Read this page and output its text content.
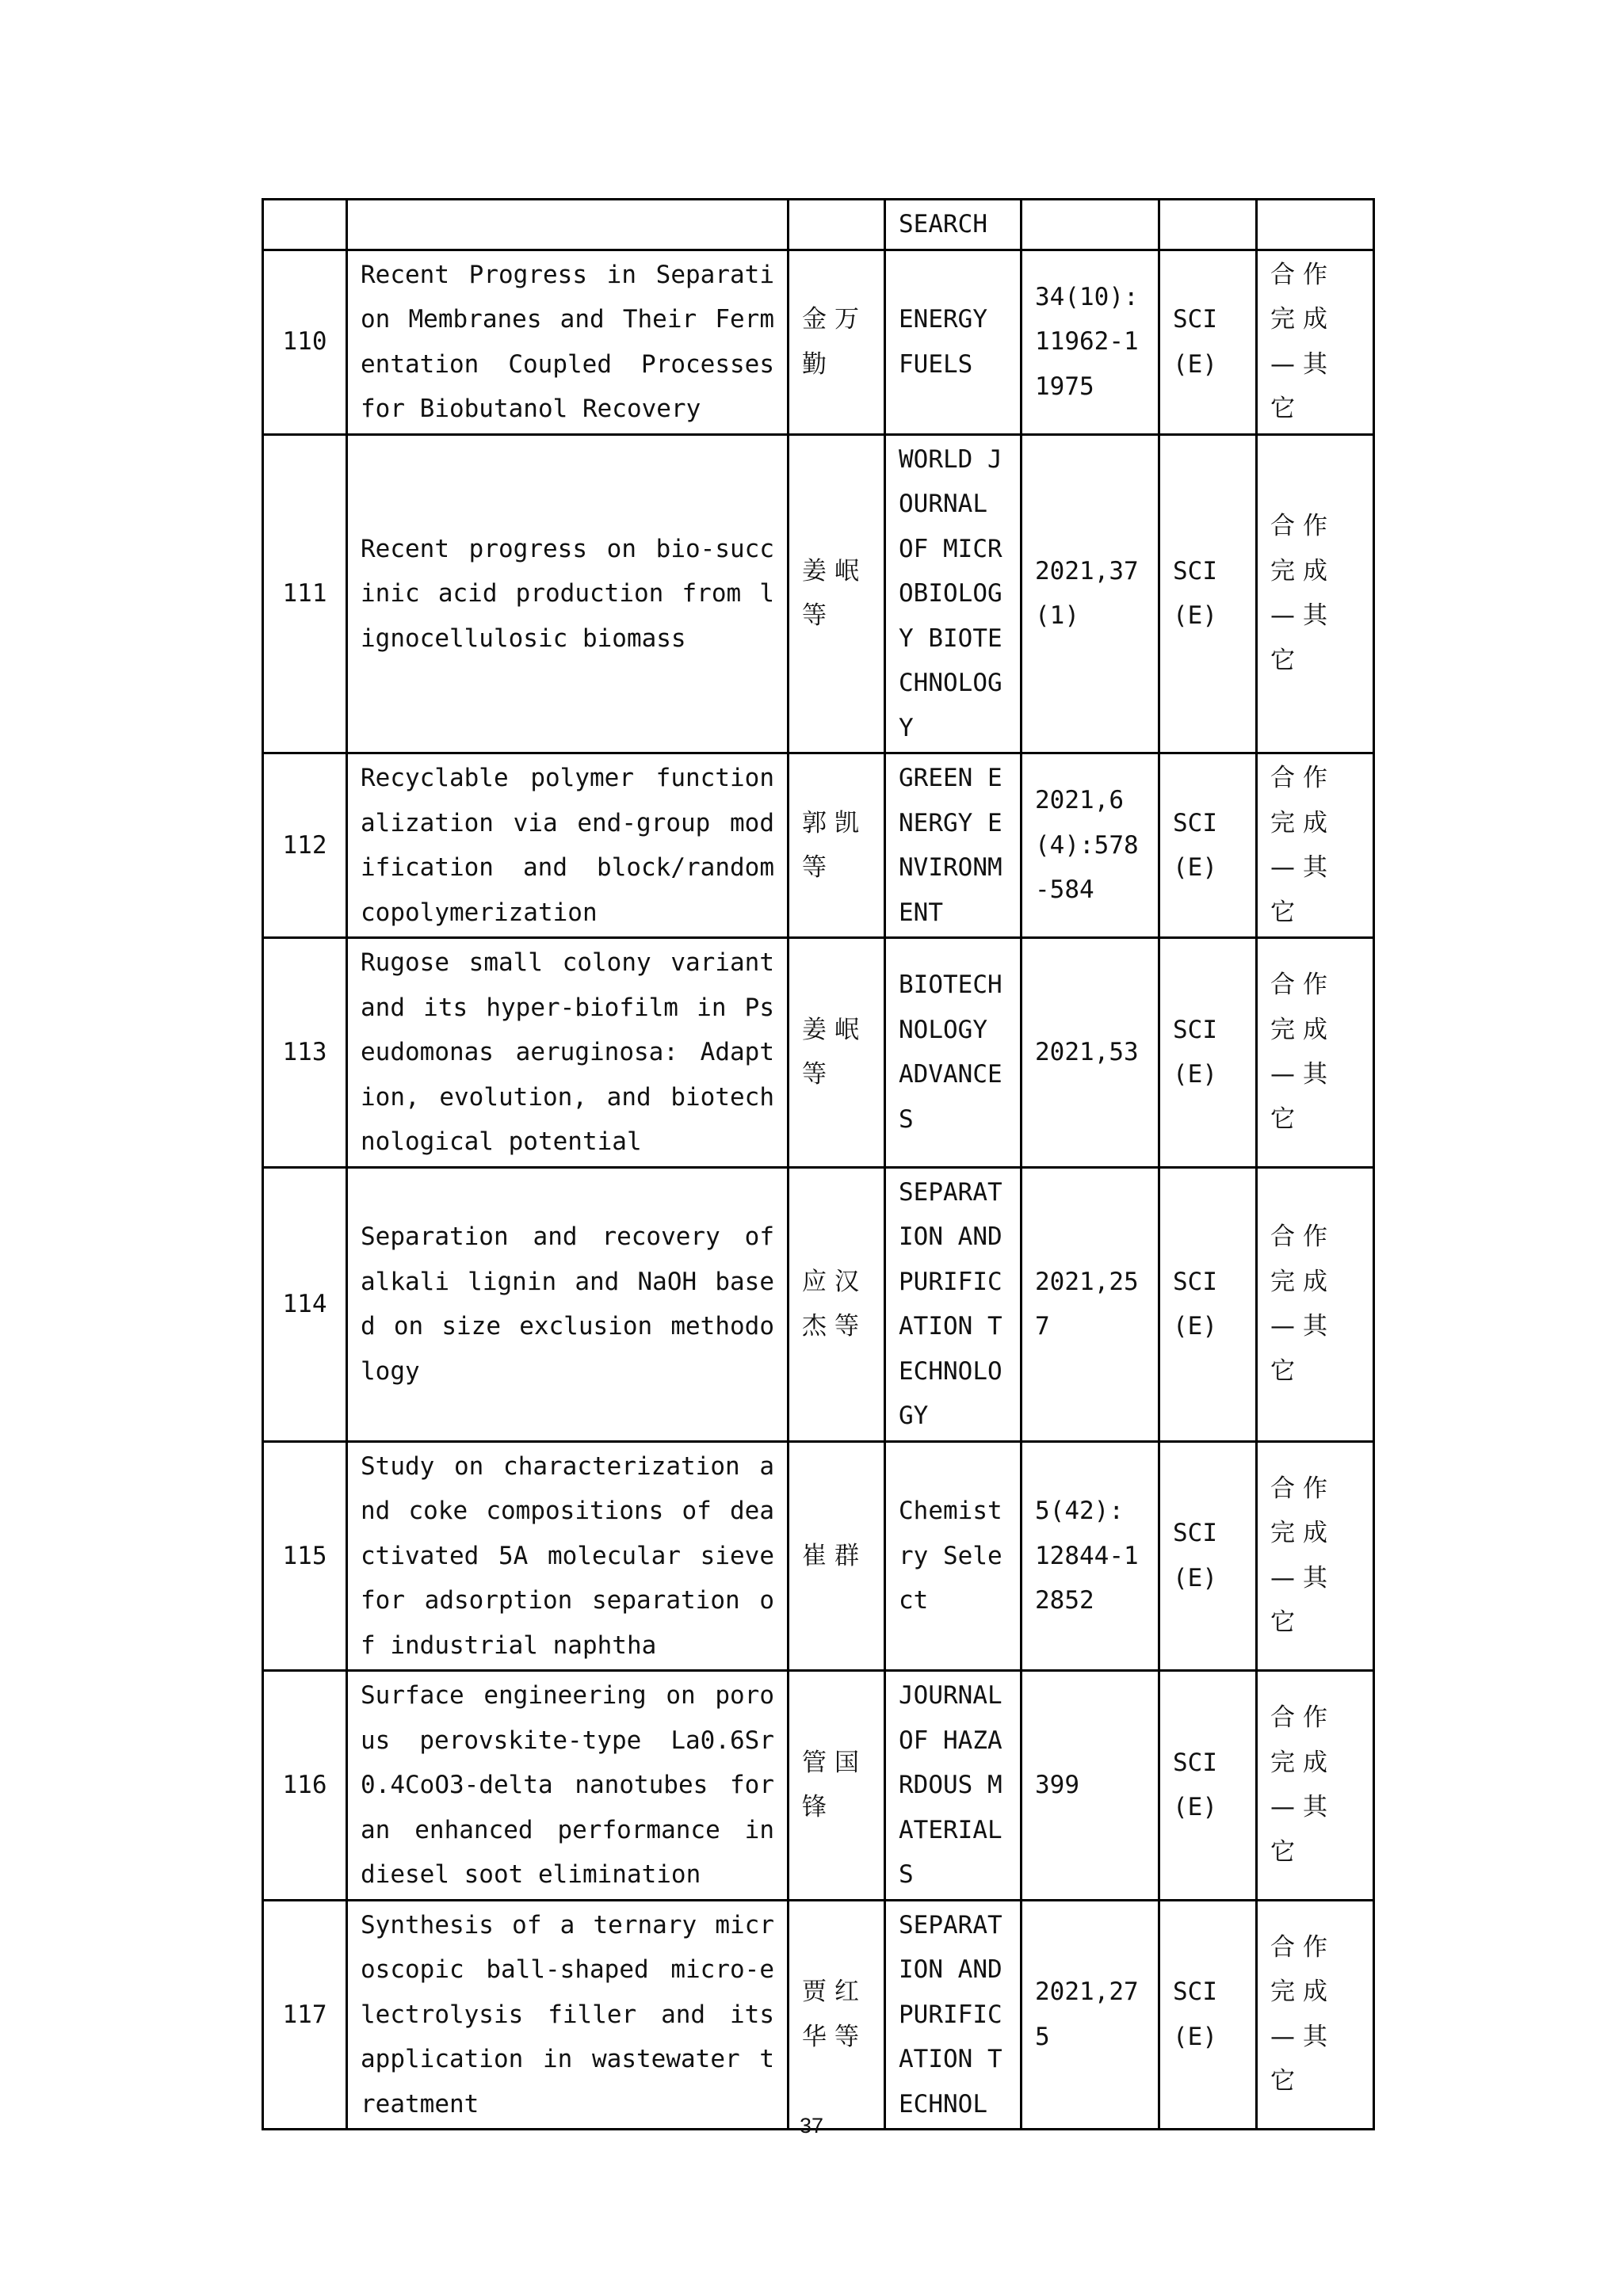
			SEARCH			
110	Recent Progress in Separation Membranes and Their Fermentation Coupled Processes for Biobutanol Recovery	金万勤	ENERGY FUELS	34(10): 11962-11975	SCI(E)	合作完成—其它
111	Recent progress on bio-succinic acid production from lignocellulosic biomass	姜岷等	WORLD JOURNAL OF MICROBIOLOGY BIOTECHNOLOGY	2021,37(1)	SCI(E)	合作完成—其它
112	Recyclable polymer functionalization via end-group modification and block/random copolymerization	郭凯等	GREEN ENERGY ENVIRONMENT	2021,6(4):578-584	SCI(E)	合作完成—其它
113	Rugose small colony variant and its hyper-biofilm in Pseudomonas aeruginosa: Adaption, evolution, and biotechnological potential	姜岷等	BIOTECHNOLOGY ADVANCES	2021,53	SCI(E)	合作完成—其它
114	Separation and recovery of alkali lignin and NaOH based on size exclusion methodology	应汉杰等	SEPARATION AND PURIFICATION TECHNOLOGY	2021,257	SCI(E)	合作完成—其它
115	Study on characterization and coke compositions of deactivated 5A molecular sieve for adsorption separation of industrial naphtha	崔群	Chemistry Select	5(42): 12844-12852	SCI(E)	合作完成—其它
116	Surface engineering on porous perovskite-type La0.6Sr0.4CoO3-delta nanotubes for an enhanced performance in diesel soot elimination	管国锋	JOURNAL OF HAZARDOUS MATERIALS	399	SCI(E)	合作完成—其它
117	Synthesis of a ternary microscopic ball-shaped micro-electrolysis filler and its application in wastewater treatment	贾红华等	SEPARATION AND PURIFICATION TECHNOL	2021,275	SCI(E)	合作完成—其它
37
